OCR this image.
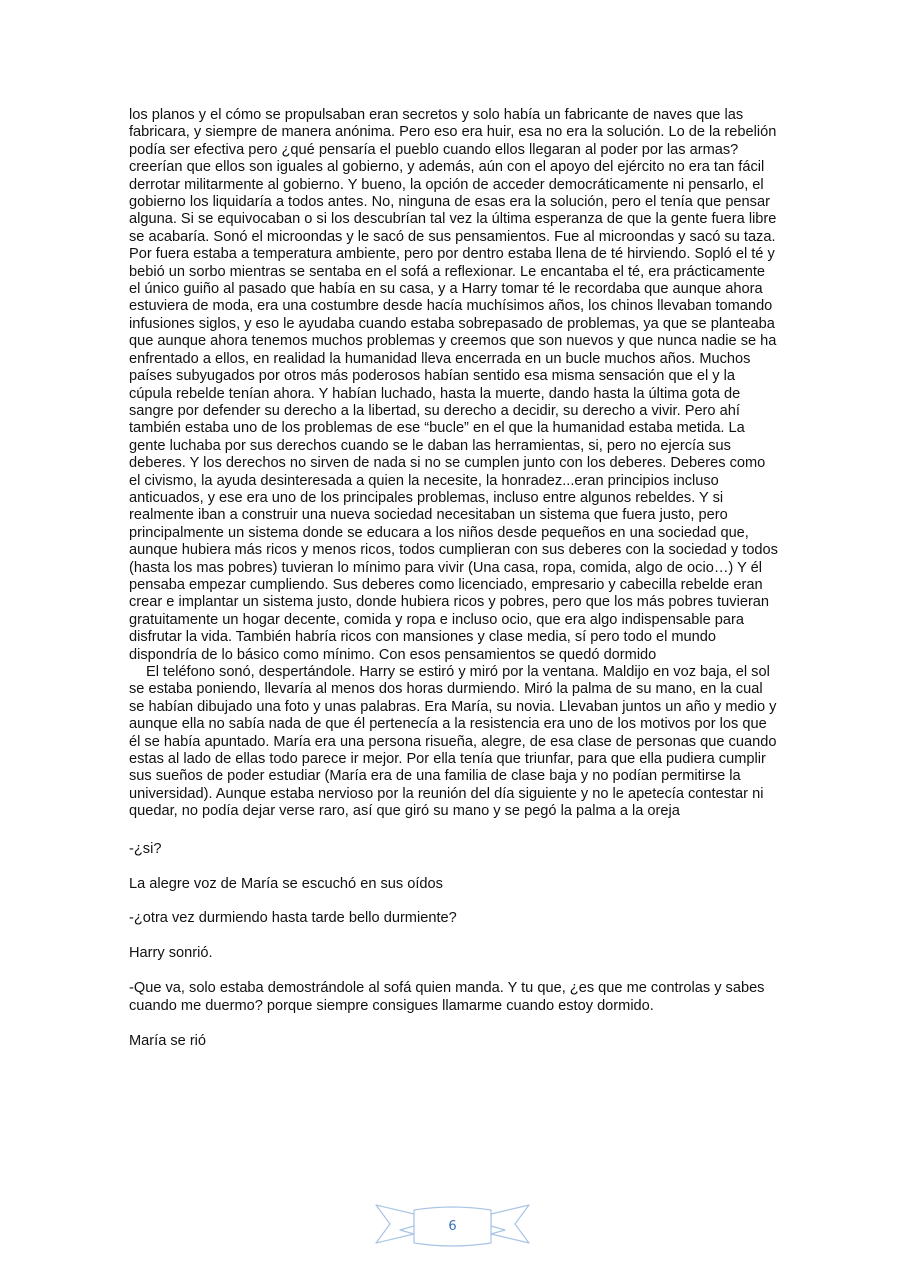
los planos y el cómo se propulsaban eran secretos y solo había un fabricante de naves que las fabricara, y siempre de manera anónima. Pero eso era huir, esa no era la solución. Lo de la rebelión podía ser efectiva pero ¿qué pensaría el pueblo cuando ellos llegaran al poder por las armas? creerían que ellos son iguales al gobierno, y además, aún con el apoyo del ejército no era tan fácil derrotar militarmente al gobierno. Y bueno, la opción de acceder democráticamente ni pensarlo, el gobierno los liquidaría a todos antes. No, ninguna de esas era la solución, pero el tenía que pensar alguna. Si se equivocaban o si los descubrían tal vez la última esperanza de que la gente fuera libre se acabaría. Sonó el microondas y le sacó de sus pensamientos. Fue al microondas y sacó su taza. Por fuera estaba a temperatura ambiente, pero por dentro estaba llena de té hirviendo. Sopló el té y bebió un sorbo mientras se sentaba en el sofá a reflexionar. Le encantaba el té, era prácticamente el único guiño al pasado que había en su casa, y a Harry tomar té le recordaba que aunque ahora estuviera de moda, era una costumbre desde hacía muchísimos años, los chinos llevaban tomando infusiones siglos, y eso le ayudaba cuando estaba sobrepasado de problemas, ya que se planteaba que aunque ahora tenemos muchos problemas y creemos que son nuevos y que nunca nadie se ha enfrentado a ellos, en realidad la humanidad lleva encerrada en un bucle muchos años. Muchos países subyugados por otros más poderosos habían sentido esa misma sensación que el y la cúpula rebelde tenían ahora. Y habían luchado, hasta la muerte, dando hasta la última gota de sangre por defender su derecho a la libertad, su derecho a decidir, su derecho a vivir. Pero ahí también estaba uno de los problemas de ese “bucle” en el que la humanidad estaba metida. La gente luchaba por sus derechos cuando se le daban las herramientas, si, pero no ejercía sus deberes. Y los derechos no sirven de nada si no se cumplen junto con los deberes. Deberes como el civismo, la ayuda desinteresada a quien la necesite, la honradez...eran principios incluso anticuados, y ese era uno de los principales problemas, incluso entre algunos rebeldes. Y si realmente iban a construir una nueva sociedad necesitaban un sistema que fuera justo, pero principalmente un sistema donde se educara a los niños desde pequeños en una sociedad que, aunque hubiera más ricos y menos ricos, todos cumplieran con sus deberes con la sociedad y todos (hasta los mas pobres) tuvieran lo mínimo para vivir (Una casa, ropa, comida, algo de ocio…) Y él pensaba empezar cumpliendo. Sus deberes como licenciado, empresario y cabecilla rebelde eran crear e implantar un sistema justo, donde hubiera ricos y pobres, pero que los más pobres tuvieran gratuitamente un hogar decente, comida y ropa e incluso ocio, que era algo indispensable para disfrutar la vida. También habría ricos con mansiones y clase media, sí pero todo el mundo dispondría de lo básico como mínimo. Con esos pensamientos se quedó dormido

El teléfono sonó, despertándole. Harry se estiró y miró por la ventana. Maldijo en voz baja, el sol se estaba poniendo, llevaría al menos dos horas durmiendo. Miró la palma de su mano, en la cual se habían dibujado una foto y unas palabras. Era María, su novia. Llevaban juntos un año y medio y aunque ella no sabía nada de que él pertenecía a la resistencia era uno de los motivos por los que él se había apuntado. María era una persona risueña, alegre, de esa clase de personas que cuando estas al lado de ellas todo parece ir mejor. Por ella tenía que triunfar, para que ella pudiera cumplir sus sueños de poder estudiar (María era de una familia de clase baja y no podían permitirse la universidad). Aunque estaba nervioso por la reunión del día siguiente y no le apetecía contestar ni quedar, no podía dejar verse raro, así que giró su mano y se pegó la palma a la oreja

-¿si?

La alegre voz de María se escuchó en sus oídos

-¿otra vez durmiendo hasta tarde bello durmiente?

Harry sonrió.

-Que va, solo estaba demostrándole al sofá quien manda. Y tu que, ¿es que me controlas y sabes cuando me duermo? porque siempre consigues llamarme cuando estoy dormido.

María se rió

6
